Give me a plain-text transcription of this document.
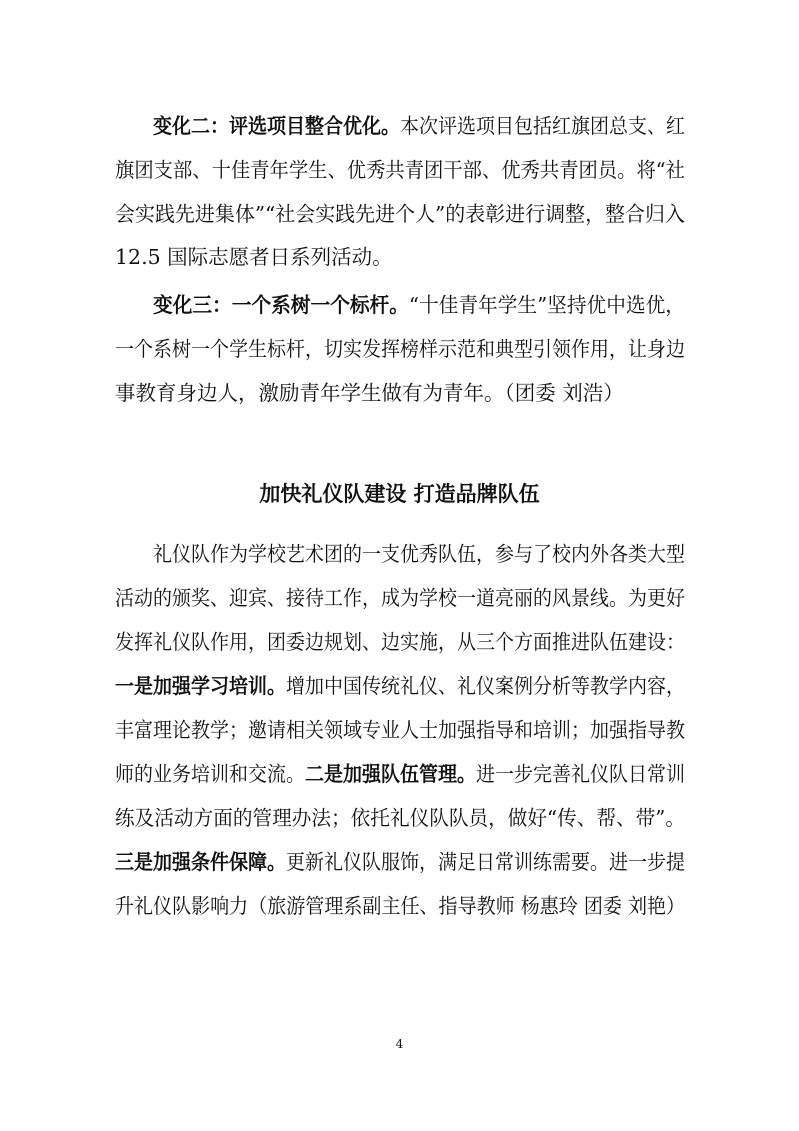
变化二：评选项目整合优化。本次评选项目包括红旗团总支、红
旗团支部、十佳青年学生、优秀共青团干部、优秀共青团员。将“社
会实践先进集体”“社会实践先进个人”的表彰进行调整，整合归入
12.5 国际志愿者日系列活动。
变化三：一个系树一个标杆。“十佳青年学生”坚持优中选优，
一个系树一个学生标杆，切实发挥榜样示范和典型引领作用，让身边
事教育身边人，激励青年学生做有为青年。（团委 刘浩）
加快礼仪队建设 打造品牌队伍
礼仪队作为学校艺术团的一支优秀队伍，参与了校内外各类大型
活动的颁奖、迎宾、接待工作，成为学校一道亮丽的风景线。为更好
发挥礼仪队作用，团委边规划、边实施，从三个方面推进队伍建设：
一是加强学习培训。增加中国传统礼仪、礼仪案例分析等教学内容，
丰富理论教学；邀请相关领域专业人士加强指导和培训；加强指导教
师的业务培训和交流。二是加强队伍管理。进一步完善礼仪队日常训
练及活动方面的管理办法；依托礼仪队队员，做好“传、帮、带”。
三是加强条件保障。更新礼仪队服饰，满足日常训练需要。进一步提
升礼仪队影响力（旅游管理系副主任、指导教师 杨惠玲 团委 刘艳）
4
